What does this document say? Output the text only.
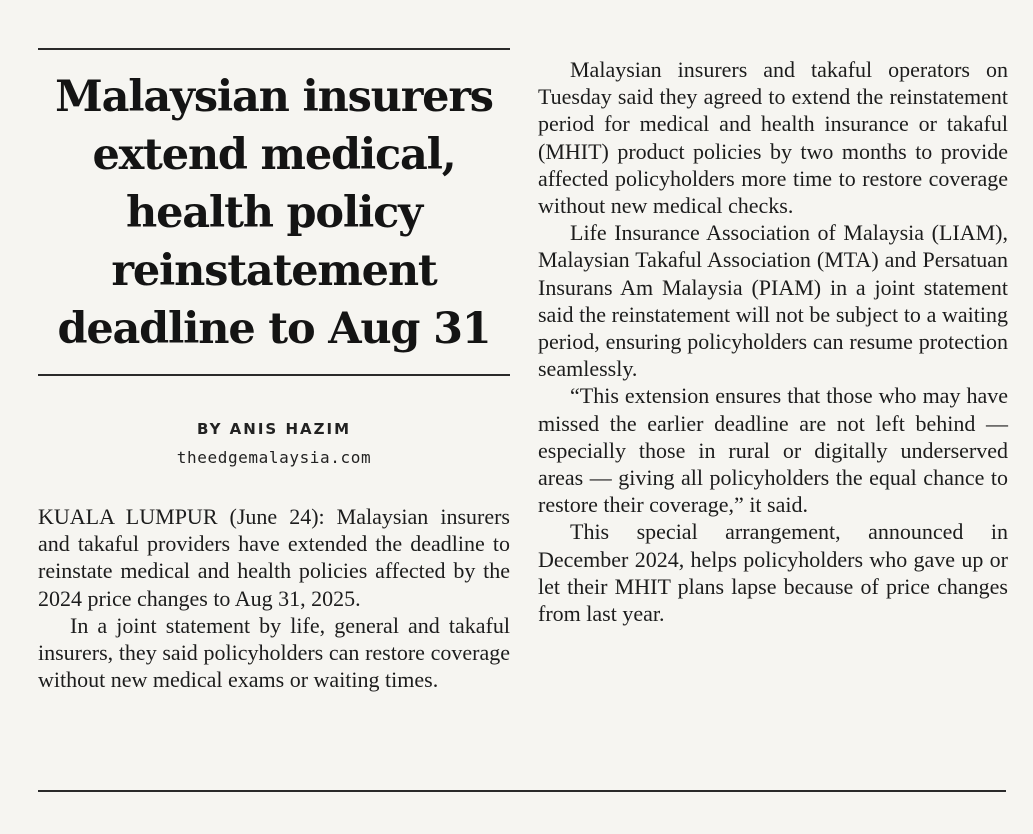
Malaysian insurers
extend medical,
health policy
reinstatement
deadline to Aug 31
BY ANIS HAZIM
theedgemalaysia.com

KUALA LUMPUR (June 24): Malaysian insurers and takaful providers have extended the deadline to reinstate medical and health policies affected by the 2024 price changes to Aug 31, 2025.

In a joint statement by life, general and takaful insurers, they said policyholders can restore coverage without new medical exams or waiting times.

Malaysian insurers and takaful operators on Tuesday said they agreed to extend the reinstatement period for medical and health insurance or takaful (MHIT) product policies by two months to provide affected policyholders more time to restore coverage without new medical checks.

Life Insurance Association of Malaysia (LIAM), Malaysian Takaful Association (MTA) and Persatuan Insurans Am Malaysia (PIAM) in a joint statement said the reinstatement will not be subject to a waiting period, ensuring policyholders can resume protection seamlessly.

“This extension ensures that those who may have missed the earlier deadline are not left behind — especially those in rural or digitally underserved areas — giving all policyholders the equal chance to restore their coverage,” it said.

This special arrangement, announced in December 2024, helps policyholders who gave up or let their MHIT plans lapse because of price changes from last year.
